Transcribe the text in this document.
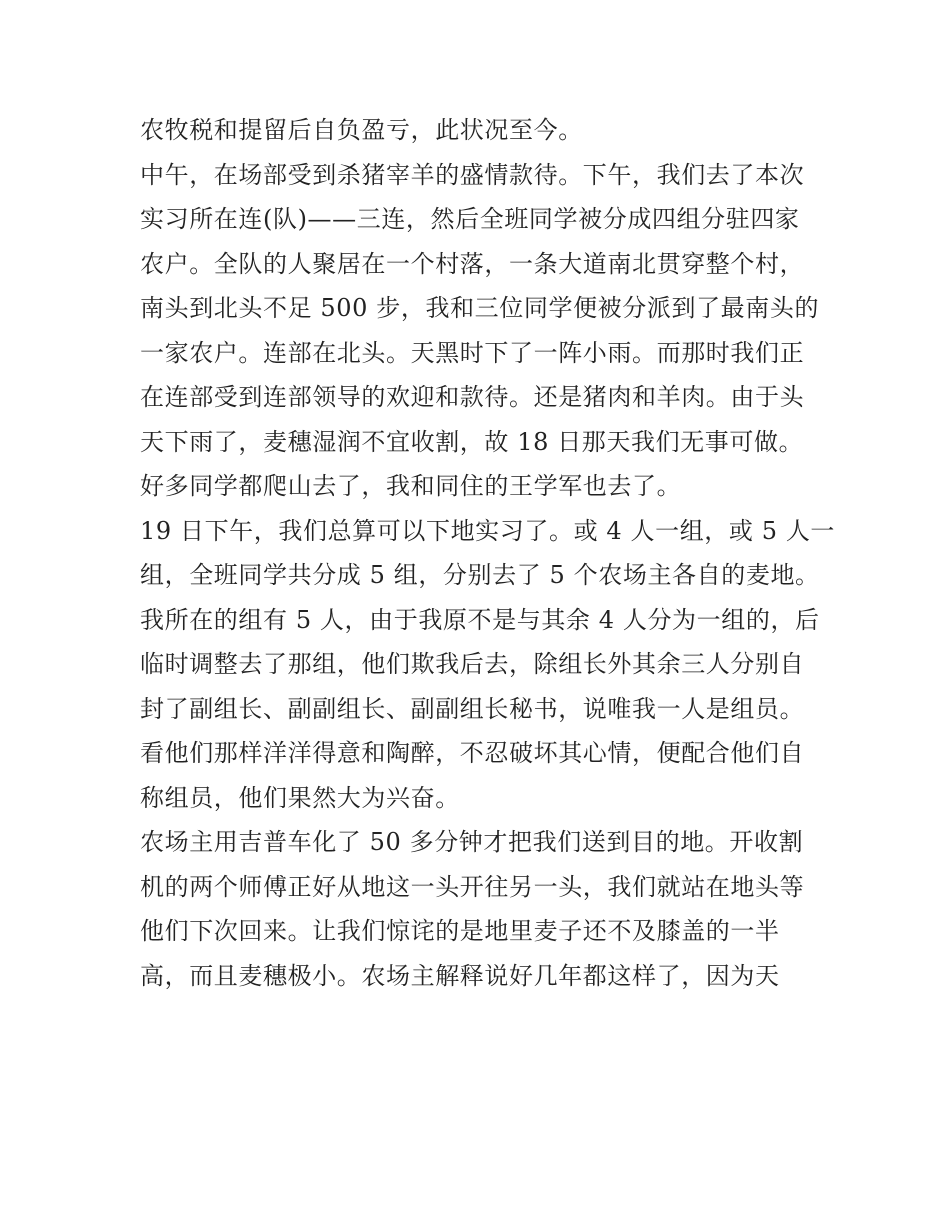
农牧税和提留后自负盈亏，此状况至今。
中午，在场部受到杀猪宰羊的盛情款待。下午，我们去了本次
实习所在连(队)——三连，然后全班同学被分成四组分驻四家
农户。全队的人聚居在一个村落，一条大道南北贯穿整个村，
南头到北头不足 500 步，我和三位同学便被分派到了最南头的
一家农户。连部在北头。天黑时下了一阵小雨。而那时我们正
在连部受到连部领导的欢迎和款待。还是猪肉和羊肉。由于头
天下雨了，麦穗湿润不宜收割，故 18 日那天我们无事可做。
好多同学都爬山去了，我和同住的王学军也去了。
19 日下午，我们总算可以下地实习了。或 4 人一组，或 5 人一
组，全班同学共分成 5 组，分别去了 5 个农场主各自的麦地。
我所在的组有 5 人，由于我原不是与其余 4 人分为一组的，后
临时调整去了那组，他们欺我后去，除组长外其余三人分别自
封了副组长、副副组长、副副组长秘书，说唯我一人是组员。
看他们那样洋洋得意和陶醉，不忍破坏其心情，便配合他们自
称组员，他们果然大为兴奋。
农场主用吉普车化了 50 多分钟才把我们送到目的地。开收割
机的两个师傅正好从地这一头开往另一头，我们就站在地头等
他们下次回来。让我们惊诧的是地里麦子还不及膝盖的一半
高，而且麦穗极小。农场主解释说好几年都这样了，因为天
